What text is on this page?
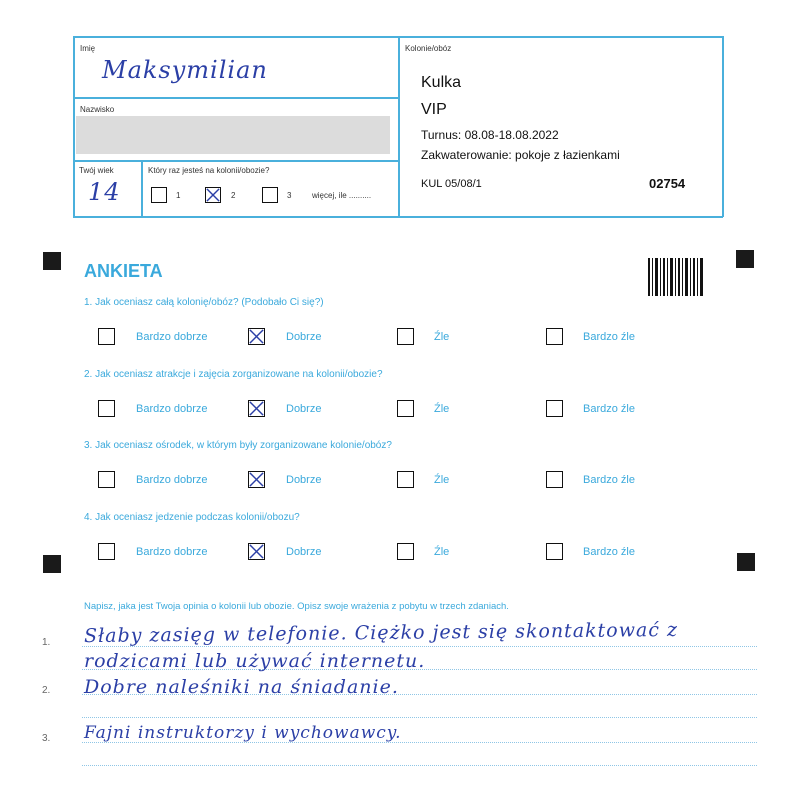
Imię
Maksymilian
Nazwisko
Twój wiek
14
Który raz jesteś na kolonii/obozie?
1	2	3	więcej, ile ..........
Kolonie/obóz
Kulka
VIP
Turnus: 08.08-18.08.2022
Zakwaterowanie: pokoje z łazienkami
KUL 05/08/1	02754
ANKIETA
1. Jak oceniasz całą kolonię/obóz? (Podobało Ci się?)
Bardzo dobrze	Dobrze	Źle	Bardzo źle
2. Jak oceniasz atrakcje i zajęcia zorganizowane na kolonii/obozie?
Bardzo dobrze	Dobrze	Źle	Bardzo źle
3. Jak oceniasz ośrodek, w którym były zorganizowane kolonie/obóz?
Bardzo dobrze	Dobrze	Źle	Bardzo źle
4. Jak oceniasz jedzenie podczas kolonii/obozu?
Bardzo dobrze	Dobrze	Źle	Bardzo źle
Napisz, jaka jest Twoja opinia o kolonii lub obozie. Opisz swoje wrażenia z pobytu w trzech zdaniach.
1.
2.
3.
Słaby zasięg w telefonie. Ciężko jest się skontaktować z
rodzicami lub używać internetu.
Dobre naleśniki na śniadanie.
Fajni instruktorzy i wychowawcy.
